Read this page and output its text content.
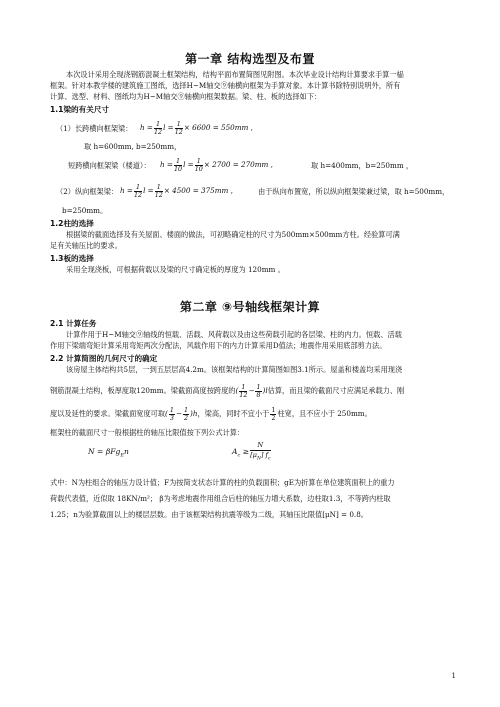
第一章 结构选型及布置
本次设计采用全现浇钢筋混凝土框架结构，结构平面布置简图见附图。本次毕业设计结构计算要求手算一榀
框架。针对本教学楼的建筑施工图纸，选择H~M轴交⑨轴横向框架为手算对象。本计算书除特别说明外，所有
计算、选型、材料、图纸均为H~M轴交⑨轴横向框架数据。梁、柱、板的选择如下：
1.1梁的有关尺寸
（1）长跨横向框架梁： $h = \frac{1}{12}$ $l = \frac{1}{12} \times 6600 = 550mm$ ,
取 h=600mm, b=250mm，
短跨横向框架梁（楼道）： $h = \frac{1}{10}$ $l = \frac{1}{10} \times 2700 = 270mm$ ,	取 h=400mm，b=250mm ，
（2）纵向框架梁： $h = \frac{1}{12}$ $l = \frac{1}{12} \times 4500 = 375mm$ ,	由于纵向布置宽，所以纵向框架梁兼过梁，取 h=500mm，
b=250mm。
1.2柱的选择
根据梁的截面选择及有关屋面、楼面的做法，可初略确定柱的尺寸为500mm×500mm方柱。经验算可满
足有关轴压比的要求。
1.3板的选择
采用全现浇板，可根据荷载以及梁的尺寸确定板的厚度为 120mm 。
第二章 ⑨号轴线框架计算
2.1 计算任务
计算作用于H~M轴交⑨轴线的恒载、活载、风荷载以及由这些荷载引起的各层梁、柱的内力。恒载、活载
作用下梁端弯矩计算采用弯矩两次分配法，风载作用下的内力计算采用D值法；地震作用采用底部剪力法。
2.2 计算简图的几何尺寸的确定
该房屋主体结构共5层，一到五层层高4.2m。该框架结构的计算简图如图3.1所示。屋盖和楼盖均采用现浇
钢筋混凝土结构，板厚度取120mm。梁截面高度按跨度的( $\frac{1}{12} - \frac{1}{8} )l$估算，而且梁的截面尺寸应满足承载力、刚
度以及延性的要求。梁截面宽度可取( $\frac{1}{3} - \frac{1}{2} )h$，梁高，同时不宜小于 $\frac{1}{2}$ 柱宽，且不应小于 250mm。
框架柱的截面尺寸一般根据柱的轴压比限值按下列公式计算：
N = βFg$_E$n	$A_c \ge \frac{N}{[\mu_N] f_c}$
式中：N为柱组合的轴压力设计值；F为按简支状态计算的柱的负载面积；gE为折算在单位建筑面积上的重力
荷载代表值，近似取 18KN/m²； β为考虑地震作用组合后柱的轴压力增大系数，边柱取1.3，不等跨内柱取
1.25；n为验算截面以上的楼层层数。由于该框架结构抗震等级为二级，其轴压比限值[μN] = 0.8。
1
